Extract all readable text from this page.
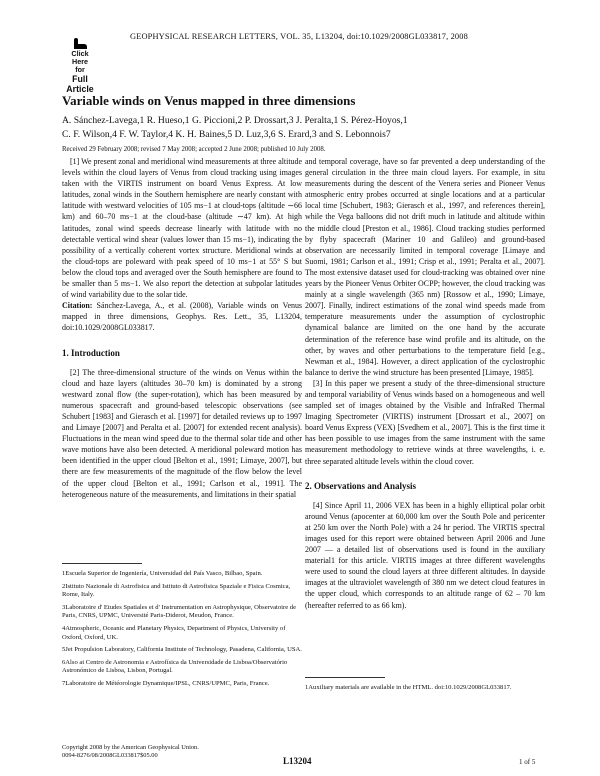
Click
Here
for
Full
Article
GEOPHYSICAL RESEARCH LETTERS, VOL. 35, L13204, doi:10.1029/2008GL033817, 2008
Variable winds on Venus mapped in three dimensions
A. Sánchez-Lavega,1 R. Hueso,1 G. Piccioni,2 P. Drossart,3 J. Peralta,1 S. Pérez-Hoyos,1
C. F. Wilson,4 F. W. Taylor,4 K. H. Baines,5 D. Luz,3,6 S. Erard,3 and S. Lebonnois7
Received 29 February 2008; revised 7 May 2008; accepted 2 June 2008; published 10 July 2008.

[1] We present zonal and meridional wind measurements at three altitude levels within the cloud layers of Venus from cloud tracking using images taken with the VIRTIS instrument on board Venus Express. At low latitudes, zonal winds in the Southern hemisphere are nearly constant with latitude with westward velocities of 105 ms−1 at cloud-tops (altitude ∼66 km) and 60–70 ms−1 at the cloud-base (altitude ∼47 km). At high latitudes, zonal wind speeds decrease linearly with latitude with no detectable vertical wind shear (values lower than 15 ms−1), indicating the possibility of a vertically coherent vortex structure. Meridional winds at the cloud-tops are poleward with peak speed of 10 ms−1 at 55° S but below the cloud tops and averaged over the South hemisphere are found to be smaller than 5 ms−1. We also report the detection at subpolar latitudes of wind variability due to the solar tide.

Citation: Sánchez-Lavega, A., et al. (2008), Variable winds on Venus mapped in three dimensions, Geophys. Res. Lett., 35, L13204, doi:10.1029/2008GL033817.

1. Introduction

[2] The three-dimensional structure of the winds on Venus within the cloud and haze layers (altitudes 30–70 km) is dominated by a strong westward zonal flow (the super-rotation), which has been measured by numerous spacecraft and ground-based telescopic observations (see Schubert [1983] and Gierasch et al. [1997] for detailed reviews up to 1997 and Limaye [2007] and Peralta et al. [2007] for extended recent analysis). Fluctuations in the mean wind speed due to the thermal solar tide and other wave motions have also been detected. A meridional poleward motion has been identified in the upper cloud [Belton et al., 1991; Limaye, 2007], but there are few measurements of the magnitude of the flow below the level of the upper cloud [Belton et al., 1991; Carlson et al., 1991]. The heterogeneous nature of the measurements, and limitations in their spatial

and temporal coverage, have so far prevented a deep understanding of the general circulation in the three main cloud layers. For example, in situ measurements during the descent of the Venera series and Pioneer Venus atmospheric entry probes occurred at single locations and at a particular local time [Schubert, 1983; Gierasch et al., 1997, and references therein], while the Vega balloons did not drift much in latitude and altitude within the middle cloud [Preston et al., 1986]. Cloud tracking studies performed by flyby spacecraft (Mariner 10 and Galileo) and ground-based observation are necessarily limited in temporal coverage [Limaye and Suomi, 1981; Carlson et al., 1991; Crisp et al., 1991; Peralta et al., 2007]. The most extensive dataset used for cloud-tracking was obtained over nine years by the Pioneer Venus Orbiter OCPP; however, the cloud tracking was mainly at a single wavelength (365 nm) [Rossow et al., 1990; Limaye, 2007]. Finally, indirect estimations of the zonal wind speeds made from temperature measurements under the assumption of cyclostrophic dynamical balance are limited on the one hand by the accurate determination of the reference base wind profile and its altitude, on the other, by waves and other perturbations to the temperature field [e.g., Newman et al., 1984]. However, a direct application of the cyclostrophic balance to derive the wind structure has been presented [Limaye, 1985].

[3] In this paper we present a study of the three-dimensional structure and temporal variability of Venus winds based on a homogeneous and well sampled set of images obtained by the Visible and InfraRed Thermal Imaging Spectrometer (VIRTIS) instrument [Drossart et al., 2007] on board Venus Express (VEX) [Svedhem et al., 2007]. This is the first time it has been possible to use images from the same instrument with the same measurement methodology to retrieve winds at three wavelengths, i. e. three separated altitude levels within the cloud cover.

2. Observations and Analysis

[4] Since April 11, 2006 VEX has been in a highly elliptical polar orbit around Venus (apocenter at 60,000 km over the South Pole and pericenter at 250 km over the North Pole) with a 24 hr period. The VIRTIS spectral images used for this report were obtained between April 2006 and June 2007 — a detailed list of observations used is found in the auxiliary material1 for this article. VIRTIS images at three different wavelengths were used to sound the cloud layers at three different altitudes. In dayside images at the ultraviolet wavelength of 380 nm we detect cloud features in the upper cloud, which corresponds to an altitude range of 62 – 70 km (hereafter referred to as 66 km).

1Escuela Superior de Ingeniería, Universidad del País Vasco, Bilbao, Spain.
2Istituto Nazionale di Astrofisica and Istituto di Astrofisica Spaziale e Fisica Cosmica, Rome, Italy.
3Laboratoire d' Etudes Spatiales et d' Instrumentation en Astrophysique, Observatoire de Paris, CNRS, UPMC, Université Paris-Diderot, Meudon, France.
4Atmospheric, Oceanic and Planetary Physics, Department of Physics, University of Oxford, Oxford, UK.
5Jet Propulsion Laboratory, California Institute of Technology, Pasadena, California, USA.
6Also at Centro de Astronomia e Astrofísica da Universidade de Lisboa/Observatório Astronómico de Lisboa, Lisbon, Portugal.
7Laboratoire de Météorologie Dynamique/IPSL, CNRS/UPMC, Paris, France.
1Auxiliary materials are available in the HTML. doi:10.1029/2008GL033817.
Copyright 2008 by the American Geophysical Union.
0094-8276/08/2008GL033817$05.00
L13204	1 of 5
